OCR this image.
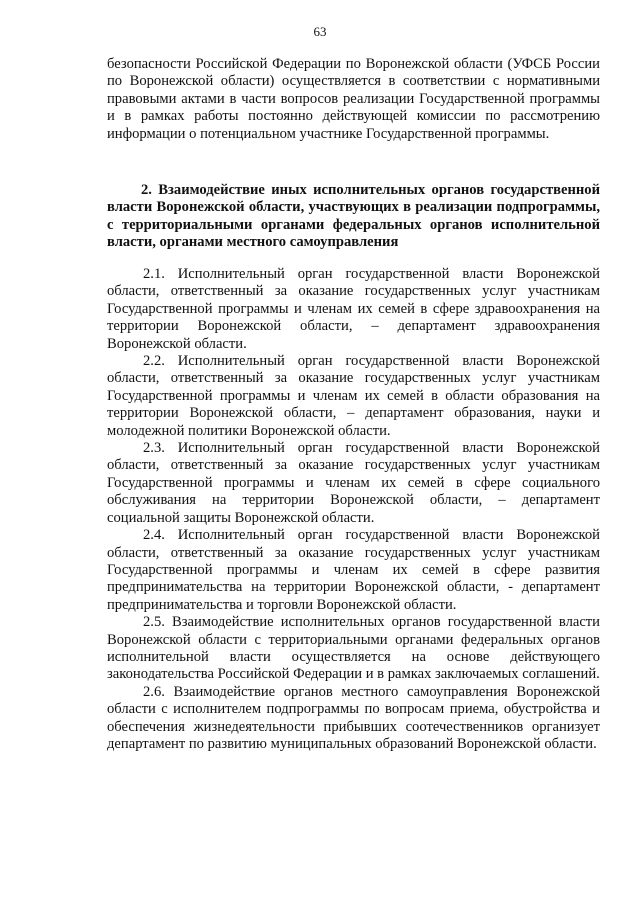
63

безопасности Российской Федерации по Воронежской области (УФСБ России по Воронежской области) осуществляется в соответствии с нормативными правовыми актами в части вопросов реализации Государственной программы и в рамках работы постоянно действующей комиссии по рассмотрению информации о потенциальном участнике Государственной программы.

2. Взаимодействие иных исполнительных органов государственной власти Воронежской области, участвующих в реализации подпрограммы, с территориальными органами федеральных органов исполнительной власти, органами местного самоуправления

2.1. Исполнительный орган государственной власти Воронежской области, ответственный за оказание государственных услуг участникам Государственной программы и членам их семей в сфере здравоохранения на территории Воронежской области, – департамент здравоохранения Воронежской области.

2.2. Исполнительный орган государственной власти Воронежской области, ответственный за оказание государственных услуг участникам Государственной программы и членам их семей в области образования на территории Воронежской области, – департамент образования, науки и молодежной политики Воронежской области.

2.3. Исполнительный орган государственной власти Воронежской области, ответственный за оказание государственных услуг участникам Государственной программы и членам их семей в сфере социального обслуживания на территории Воронежской области, – департамент социальной защиты Воронежской области.

2.4. Исполнительный орган государственной власти Воронежской области, ответственный за оказание государственных услуг участникам Государственной программы и членам их семей в сфере развития предпринимательства на территории Воронежской области, - департамент предпринимательства и торговли Воронежской области.

2.5. Взаимодействие исполнительных органов государственной власти Воронежской области с территориальными органами федеральных органов исполнительной власти осуществляется на основе действующего законодательства Российской Федерации и в рамках заключаемых соглашений.

2.6. Взаимодействие органов местного самоуправления Воронежской области с исполнителем подпрограммы по вопросам приема, обустройства и обеспечения жизнедеятельности прибывших соотечественников организует департамент по развитию муниципальных образований Воронежской области.
